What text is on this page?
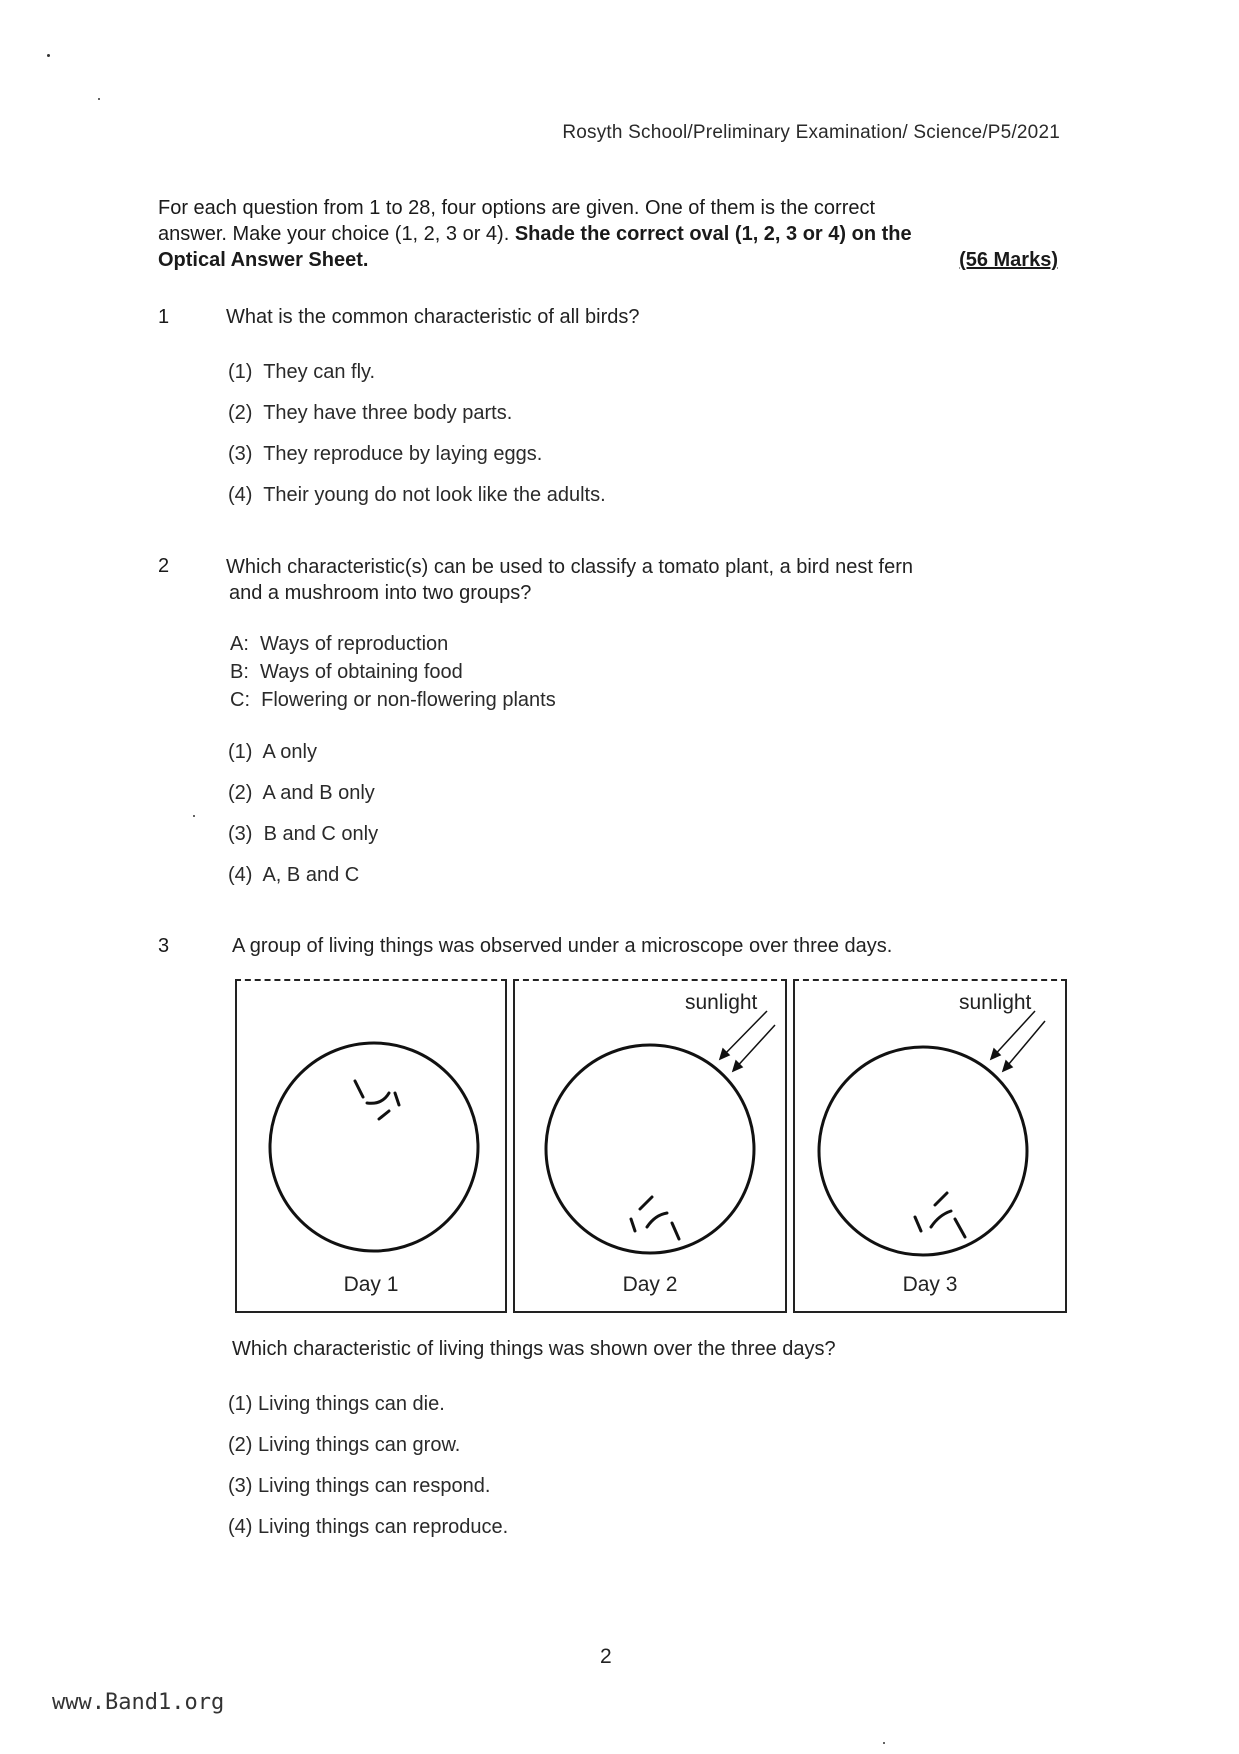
Rosyth School/Preliminary Examination/ Science/P5/2021
For each question from 1 to 28, four options are given. One of them is the correct
answer. Make your choice (1, 2, 3 or 4). Shade the correct oval (1, 2, 3 or 4) on the
Optical Answer Sheet.	(56 Marks)
1	What is the common characteristic of all birds?
(1) They can fly.
(2) They have three body parts.
(3) They reproduce by laying eggs.
(4) Their young do not look like the adults.
2	Which characteristic(s) can be used to classify a tomato plant, a bird nest fern
and a mushroom into two groups?
A: Ways of reproduction
B: Ways of obtaining food
C: Flowering or non-flowering plants
(1) A only
(2) A and B only
(3) B and C only
(4) A, B and C
3	A group of living things was observed under a microscope over three days.
Day 1
sunlight
Day 2
sunlight
Day 3
Which characteristic of living things was shown over the three days?
(1) Living things can die.
(2) Living things can grow.
(3) Living things can respond.
(4) Living things can reproduce.
2
www.Band1.org
